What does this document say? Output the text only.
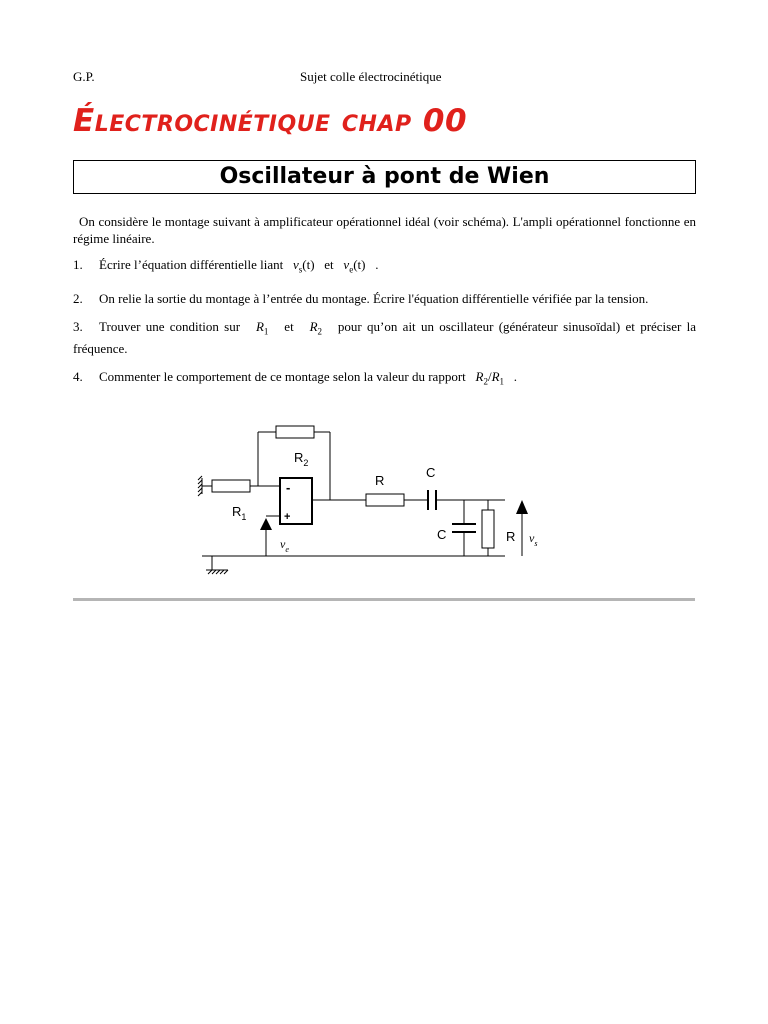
G.P.	Sujet colle électrocinétique
ÉLECTROCINÉTIQUE CHAP 00
Oscillateur à pont de Wien

On considère le montage suivant à amplificateur opérationnel idéal (voir schéma). L'ampli opérationnel fonctionne en régime linéaire.

1. Écrire l’équation différentielle liant $v_s(t)$ et $v_e(t)$ .

2. On relie la sortie du montage à l’entrée du montage. Écrire l'équation différentielle vérifiée par la tension.

3. Trouver une condition sur $R_1$ et $R_2$ pour qu’on ait un oscillateur (générateur sinusoïdal) et préciser la fréquence.

4. Commenter le comportement de ce montage selon la valeur du rapport $R_2/R_1$ .

$R_2$
$R_1$
R
C
C	R
-
+
$v_e$
$v_s$
